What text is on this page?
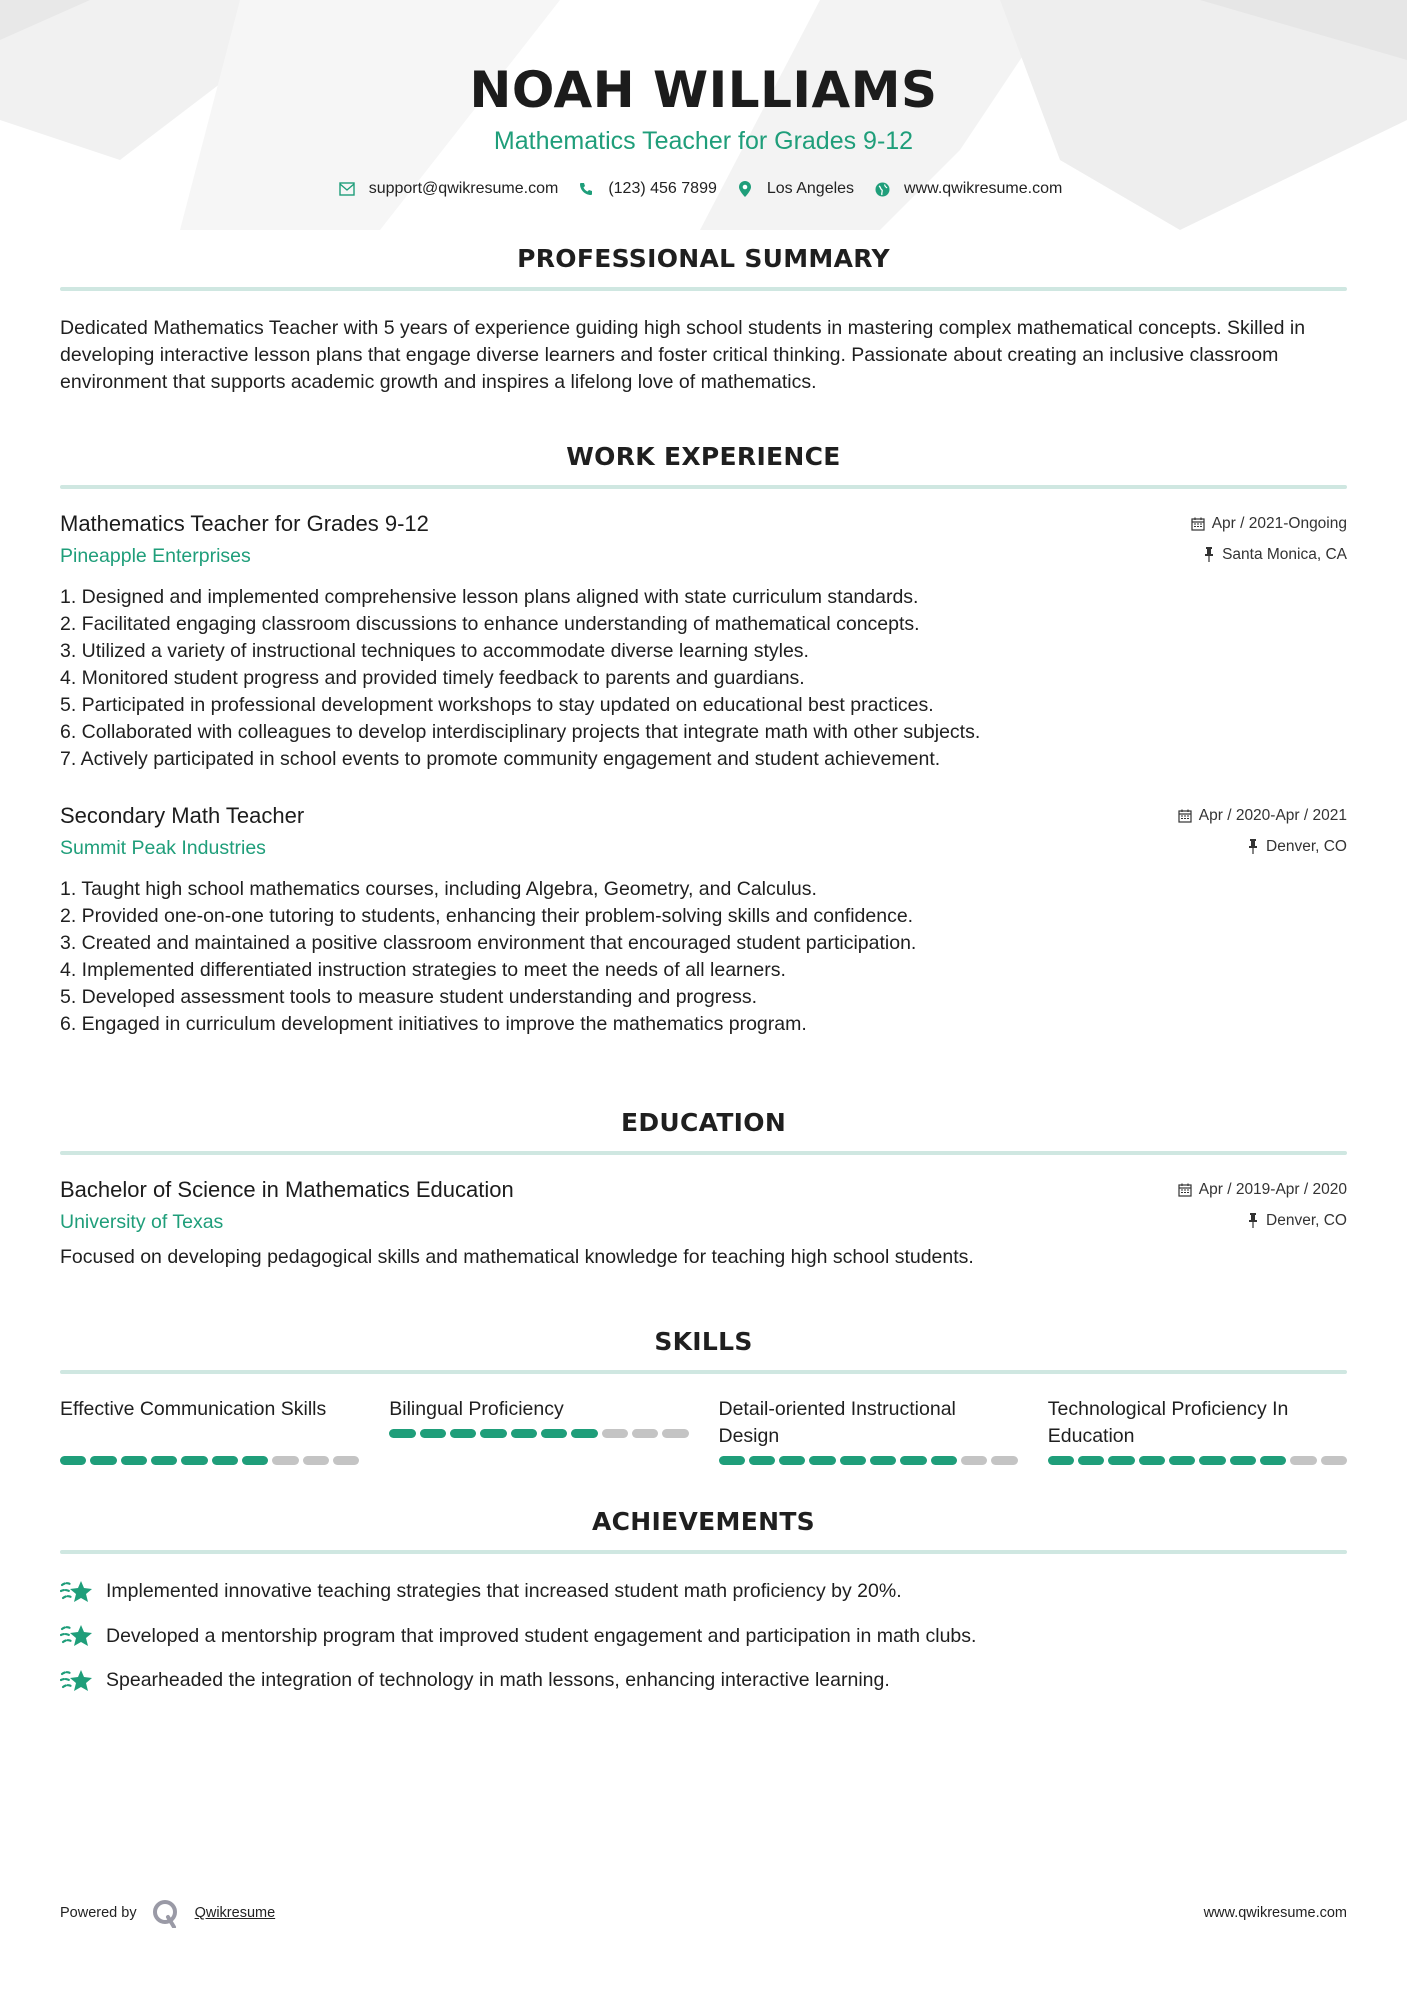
NOAH WILLIAMS
Mathematics Teacher for Grades 9-12
support@qwikresume.com	(123) 456 7899	Los Angeles	www.qwikresume.com
PROFESSIONAL SUMMARY

Dedicated Mathematics Teacher with 5 years of experience guiding high school students in mastering complex mathematical concepts. Skilled in developing interactive lesson plans that engage diverse learners and foster critical thinking. Passionate about creating an inclusive classroom environment that supports academic growth and inspires a lifelong love of mathematics.

WORK EXPERIENCE
Mathematics Teacher for Grades 9-12	Apr / 2021-Ongoing
Pineapple Enterprises	Santa Monica, CA
1. Designed and implemented comprehensive lesson plans aligned with state curriculum standards.
2. Facilitated engaging classroom discussions to enhance understanding of mathematical concepts.
3. Utilized a variety of instructional techniques to accommodate diverse learning styles.
4. Monitored student progress and provided timely feedback to parents and guardians.
5. Participated in professional development workshops to stay updated on educational best practices.
6. Collaborated with colleagues to develop interdisciplinary projects that integrate math with other subjects.
7. Actively participated in school events to promote community engagement and student achievement.
Secondary Math Teacher	Apr / 2020-Apr / 2021
Summit Peak Industries	Denver, CO
1. Taught high school mathematics courses, including Algebra, Geometry, and Calculus.
2. Provided one-on-one tutoring to students, enhancing their problem-solving skills and confidence.
3. Created and maintained a positive classroom environment that encouraged student participation.
4. Implemented differentiated instruction strategies to meet the needs of all learners.
5. Developed assessment tools to measure student understanding and progress.
6. Engaged in curriculum development initiatives to improve the mathematics program.
EDUCATION
Bachelor of Science in Mathematics Education	Apr / 2019-Apr / 2020
University of Texas	Denver, CO

Focused on developing pedagogical skills and mathematical knowledge for teaching high school students.

SKILLS
Effective Communication Skills	Bilingual Proficiency	Detail-oriented Instructional Design
Technological Proficiency In Education
ACHIEVEMENTS
Implemented innovative teaching strategies that increased student math proficiency by 20%.
Developed a mentorship program that improved student engagement and participation in math clubs.
Spearheaded the integration of technology in math lessons, enhancing interactive learning.
Powered by	Qwikresume	www.qwikresume.com
